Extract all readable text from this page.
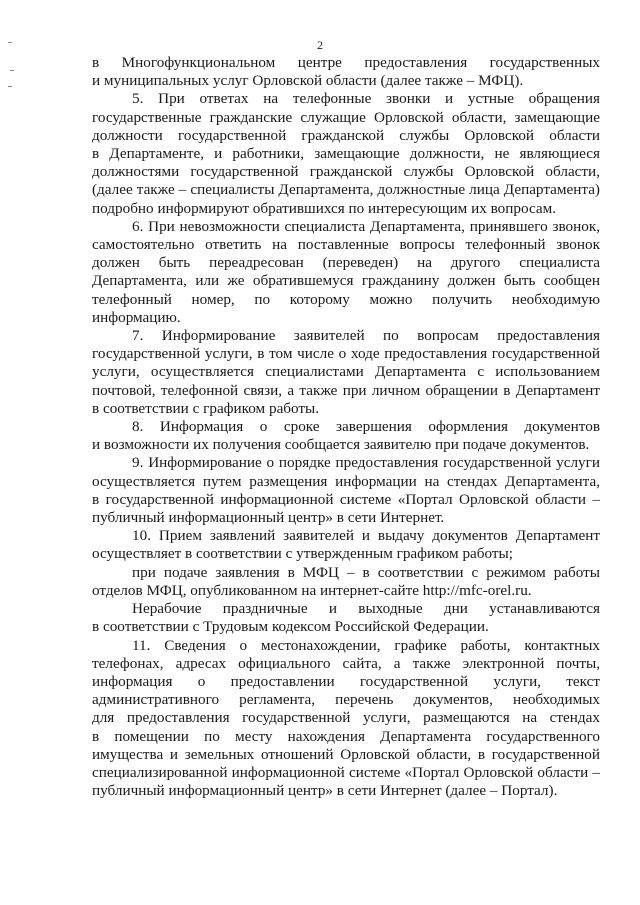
2
в Многофункциональном центре предоставления государственных
и муниципальных услуг Орловской области (далее также – МФЦ).
5. При ответах на телефонные звонки и устные обращения
государственные гражданские служащие Орловской области, замещающие
должности государственной гражданской службы Орловской области
в Департаменте, и работники, замещающие должности, не являющиеся
должностями государственной гражданской службы Орловской области,
(далее также – специалисты Департамента, должностные лица Департамента)
подробно информируют обратившихся по интересующим их вопросам.
6. При невозможности специалиста Департамента, принявшего звонок,
самостоятельно ответить на поставленные вопросы телефонный звонок
должен быть переадресован (переведен) на другого специалиста
Департамента, или же обратившемуся гражданину должен быть сообщен
телефонный номер, по которому можно получить необходимую
информацию.
7. Информирование заявителей по вопросам предоставления
государственной услуги, в том числе о ходе предоставления государственной
услуги, осуществляется специалистами Департамента с использованием
почтовой, телефонной связи, а также при личном обращении в Департамент
в соответствии с графиком работы.
8. Информация о сроке завершения оформления документов
и возможности их получения сообщается заявителю при подаче документов.
9. Информирование о порядке предоставления государственной услуги
осуществляется путем размещения информации на стендах Департамента,
в государственной информационной системе «Портал Орловской области –
публичный информационный центр» в сети Интернет.
10. Прием заявлений заявителей и выдачу документов Департамент
осуществляет в соответствии с утвержденным графиком работы;
при подаче заявления в МФЦ – в соответствии с режимом работы
отделов МФЦ, опубликованном на интернет-сайте http://mfc-orel.ru.
Нерабочие праздничные и выходные дни устанавливаются
в соответствии с Трудовым кодексом Российской Федерации.
11. Сведения о местонахождении, графике работы, контактных
телефонах, адресах официального сайта, а также электронной почты,
информация о предоставлении государственной услуги, текст
административного регламента, перечень документов, необходимых
для предоставления государственной услуги, размещаются на стендах
в помещении по месту нахождения Департамента государственного
имущества и земельных отношений Орловской области, в государственной
специализированной информационной системе «Портал Орловской области –
публичный информационный центр» в сети Интернет (далее – Портал).
